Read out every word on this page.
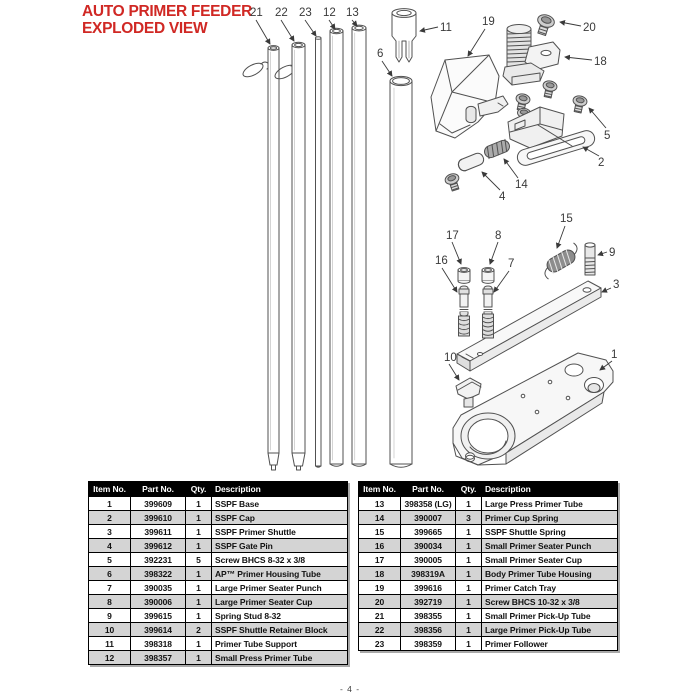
AUTO PRIMER FEEDER
EXPLODED VIEW
21 22 23 12 13
6
11	19	20
18
5
2
14
4
15
9
3
17	8
16	7
10	1
Item No.	Part No.	Qty.	Description
1	399609	1	SSPF Base
2	399610	1	SSPF Cap
3	399611	1	SSPF Primer Shuttle
4	399612	1	SSPF Gate Pin
5	392231	5	Screw BHCS 8-32 x 3/8
6	398322	1	AP™ Primer Housing Tube
7	390035	1	Large Primer Seater Punch
8	390006	1	Large Primer Seater Cup
9	399615	1	Spring Stud 8-32
10	399614	2	SSPF Shuttle Retainer Block
11	398318	1	Primer Tube Support
12	398357	1	Small Press Primer Tube
Item No.	Part No.	Qty.	Description
13	398358 (LG)	1	Large Press Primer Tube
14	390007	3	Primer Cup Spring
15	399665	1	SSPF Shuttle Spring
16	390034	1	Small Primer Seater Punch
17	390005	1	Small Primer Seater Cup
18	398319A	1	Body Primer Tube Housing
19	399616	1	Primer Catch Tray
20	392719	1	Screw BHCS 10-32 x 3/8
21	398355	1	Small Primer Pick-Up Tube
22	398356	1	Large Primer Pick-Up Tube
23	398359	1	Primer Follower
- 4 -
